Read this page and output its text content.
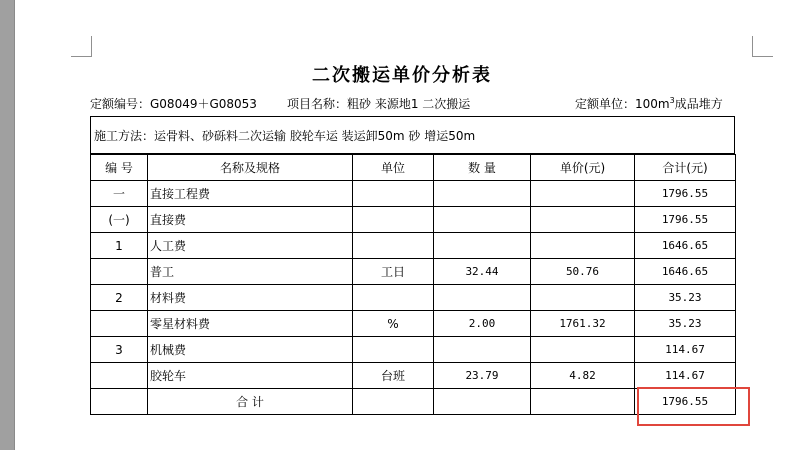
二次搬运单价分析表
定额编号：G08049＋G08053	项目名称：粗砂 来源地1 二次搬运	定额单位：$100m^3$成品堆方
施工方法：运骨料、砂砾料二次运输 胶轮车运 装运卸50m 砂 增运50m
编 号	名称及规格	单位	数 量	单价(元)	合计(元)
一	直接工程费				1796.55
(一)	直接费				1796.55
1	人工费				1646.65
	普工	工日	32.44	50.76	1646.65
2	材料费				35.23
	零星材料费	%	2.00	1761.32	35.23
3	机械费				114.67
	胶轮车	台班	23.79	4.82	114.67
	合 计				1796.55
